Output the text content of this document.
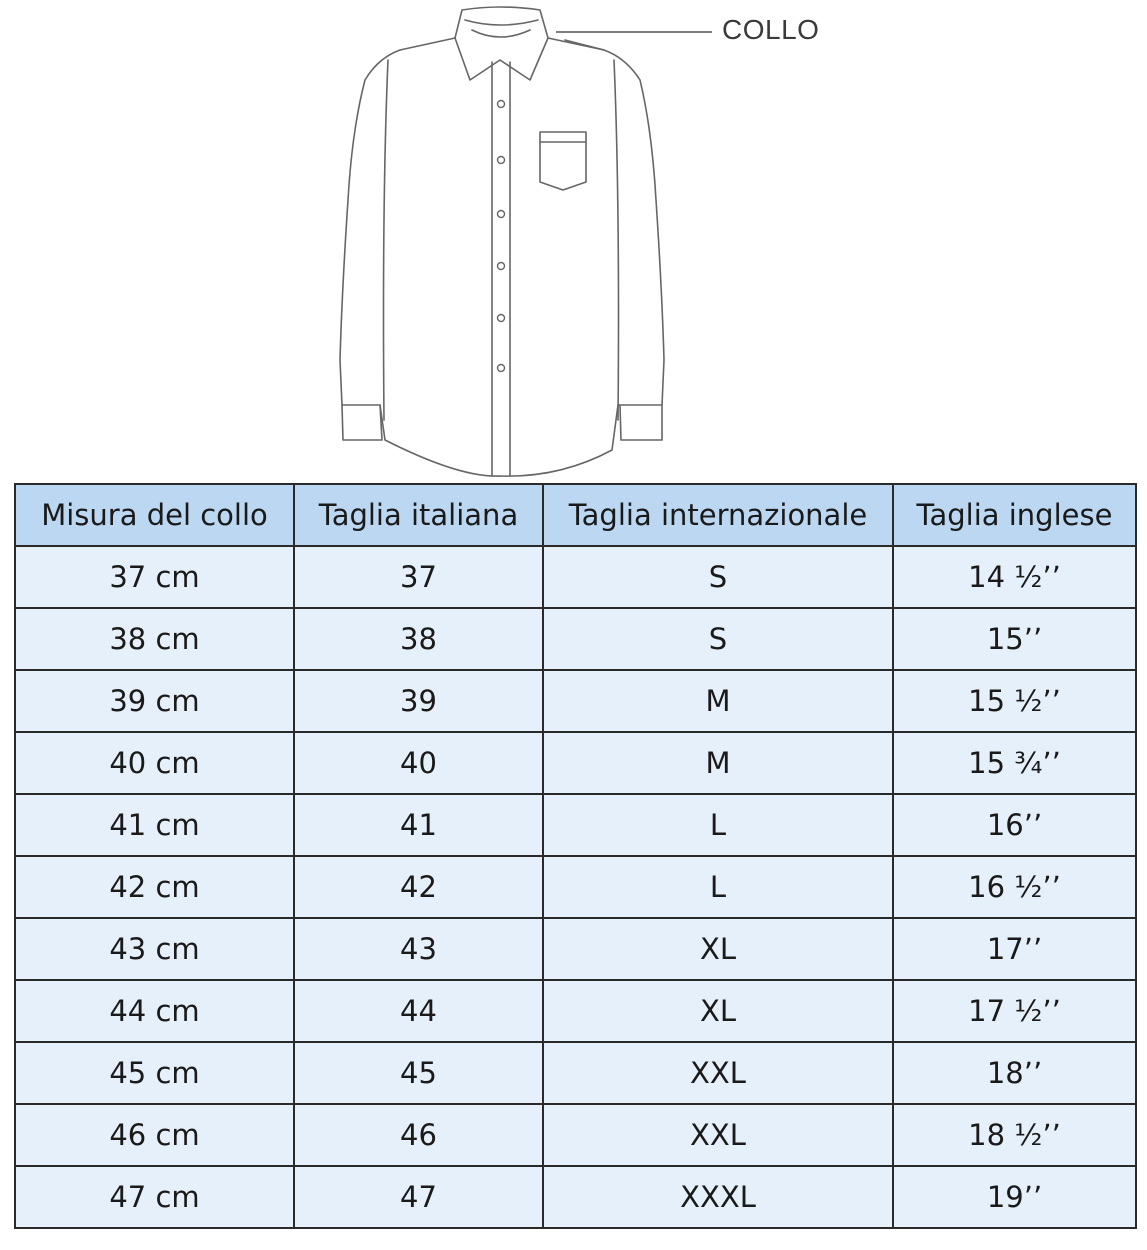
COLLO
Misura del collo	Taglia italiana	Taglia internazionale	Taglia inglese
37 cm	37	S	14 ½’’
38 cm	38	S	15’’
39 cm	39	M	15 ½’’
40 cm	40	M	15 ¾’’
41 cm	41	L	16’’
42 cm	42	L	16 ½’’
43 cm	43	XL	17’’
44 cm	44	XL	17 ½’’
45 cm	45	XXL	18’’
46 cm	46	XXL	18 ½’’
47 cm	47	XXXL	19’’
